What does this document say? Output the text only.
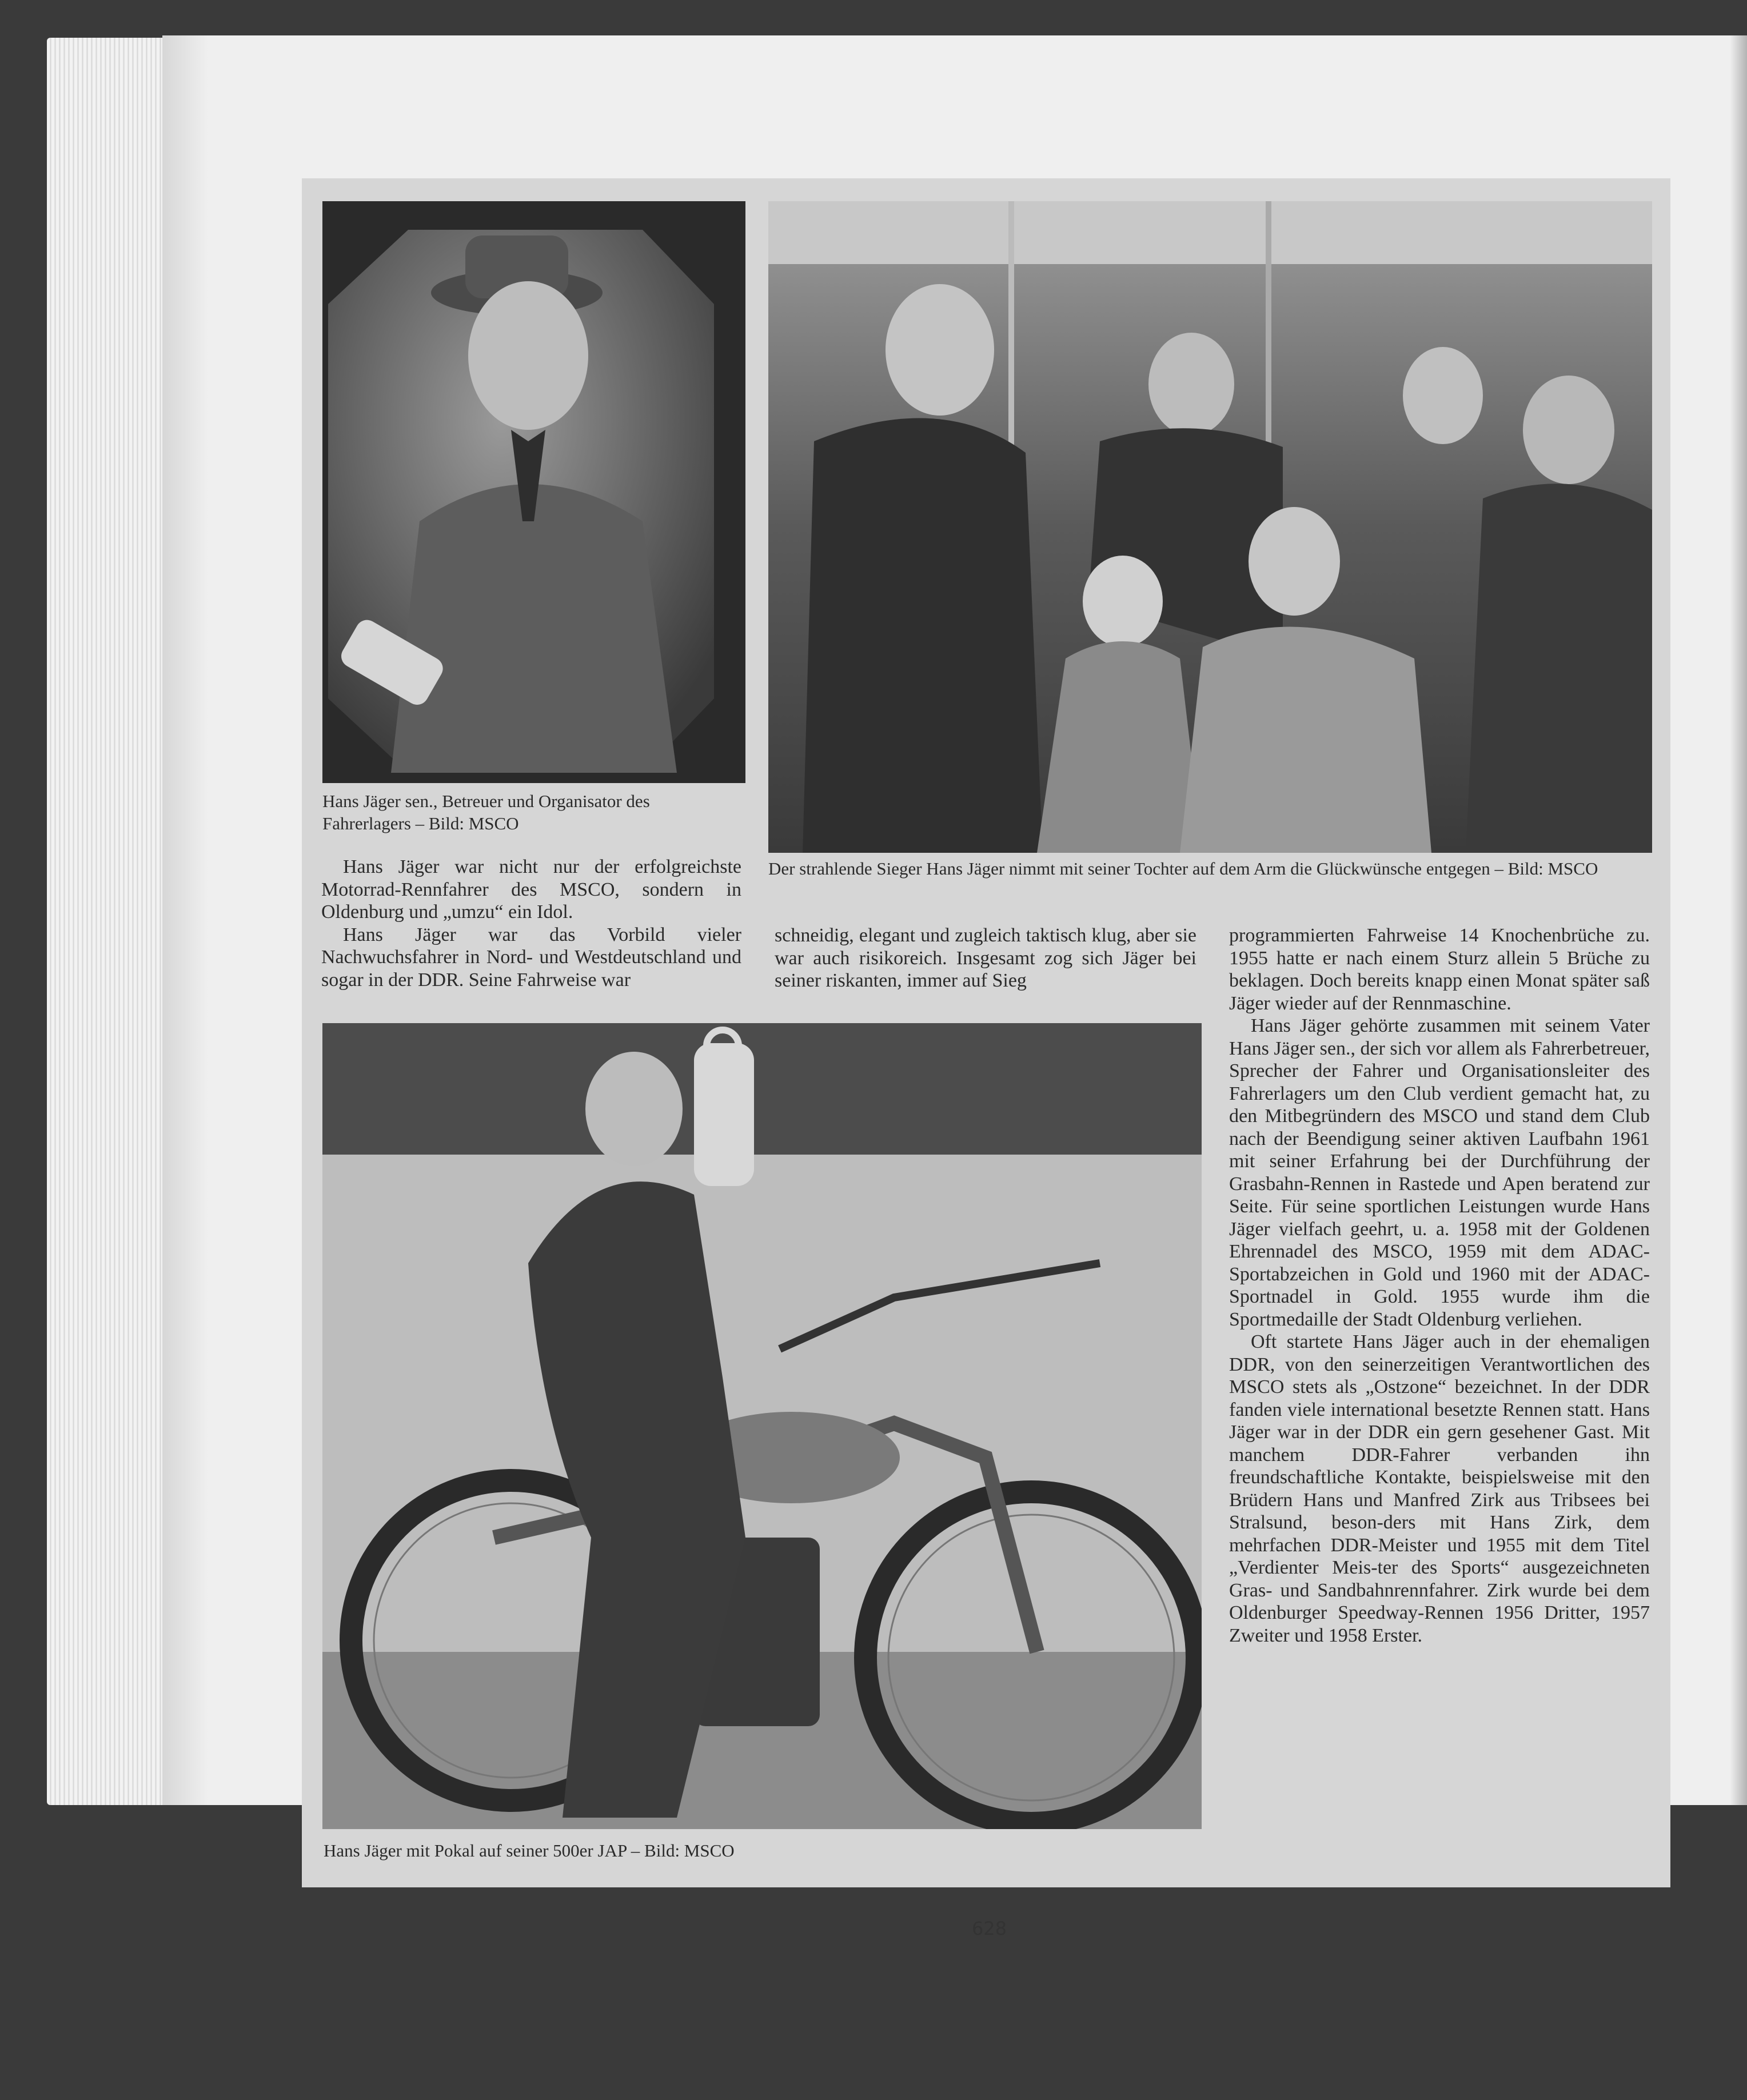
Hans Jäger sen., Betreuer und Organisator des Fahrerlagers – Bild: MSCO
Der strahlende Sieger Hans Jäger nimmt mit seiner Tochter auf dem Arm die Glückwünsche entgegen – Bild: MSCO

Hans Jäger war nicht nur der erfolgreichste Motorrad-Rennfahrer des MSCO, sondern in Oldenburg und „umzu“ ein Idol.

Hans Jäger war das Vorbild vieler Nachwuchsfahrer in Nord- und Westdeutschland und sogar in der DDR. Seine Fahrweise war

schneidig, elegant und zugleich taktisch klug, aber sie war auch risikoreich. Insgesamt zog sich Jäger bei seiner riskanten, immer auf Sieg

programmierten Fahrweise 14 Knochenbrüche zu. 1955 hatte er nach einem Sturz allein 5 Brüche zu beklagen. Doch bereits knapp einen Monat später saß Jäger wieder auf der Rennmaschine.

Hans Jäger gehörte zusammen mit seinem Vater Hans Jäger sen., der sich vor allem als Fahrerbetreuer, Sprecher der Fahrer und Organisationsleiter des Fahrerlagers um den Club verdient gemacht hat, zu den Mitbegründern des MSCO und stand dem Club nach der Beendigung seiner aktiven Laufbahn 1961 mit seiner Erfahrung bei der Durchführung der Grasbahn-Rennen in Rastede und Apen beratend zur Seite. Für seine sportlichen Leistungen wurde Hans Jäger vielfach geehrt, u. a. 1958 mit der Goldenen Ehrennadel des MSCO, 1959 mit dem ADAC-Sportabzeichen in Gold und 1960 mit der ADAC-Sportnadel in Gold. 1955 wurde ihm die Sportmedaille der Stadt Oldenburg verliehen.

Oft startete Hans Jäger auch in der ehemaligen DDR, von den seinerzeitigen Verantwortlichen des MSCO stets als „Ostzone“ bezeichnet. In der DDR fanden viele international besetzte Rennen statt. Hans Jäger war in der DDR ein gern gesehener Gast. Mit manchem DDR-Fahrer verbanden ihn freundschaftliche Kontakte, beispielsweise mit den Brüdern Hans und Manfred Zirk aus Tribsees bei Stralsund, beson-ders mit Hans Zirk, dem mehrfachen DDR-Meister und 1955 mit dem Titel „Verdienter Meis-ter des Sports“ ausgezeichneten Gras- und Sandbahnrennfahrer. Zirk wurde bei dem Oldenburger Speedway-Rennen 1956 Dritter, 1957 Zweiter und 1958 Erster.

Hans Jäger mit Pokal auf seiner 500er JAP – Bild: MSCO
628
